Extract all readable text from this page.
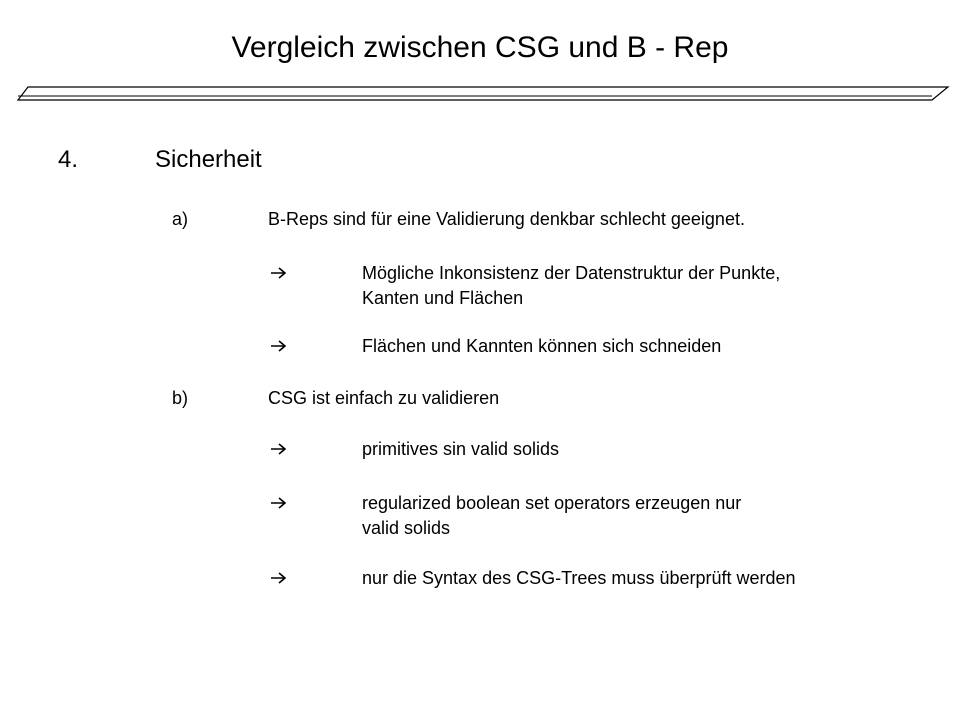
Vergleich zwischen CSG und B - Rep
4.	Sicherheit
a)	B-Reps sind für eine Validierung denkbar schlecht geeignet.
Mögliche Inkonsistenz der Datenstruktur der Punkte,
Kanten und Flächen
Flächen und Kannten können sich schneiden
b)	CSG ist einfach zu validieren
primitives sin valid solids
regularized boolean set operators erzeugen nur
valid solids
nur die Syntax des CSG-Trees muss überprüft werden
